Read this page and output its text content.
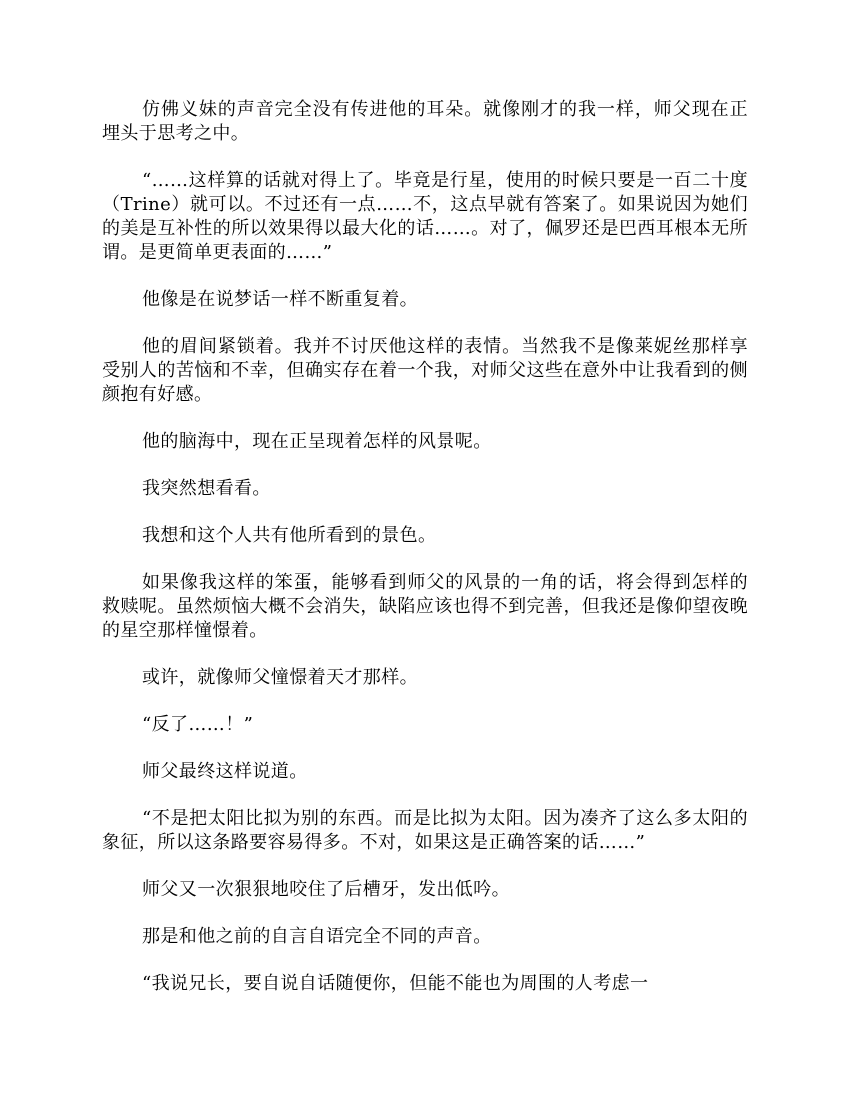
仿佛义妹的声音完全没有传进他的耳朵。就像刚才的我一样，师父现在正埋头于思考之中。

“……这样算的话就对得上了。毕竟是行星，使用的时候只要是一百二十度（Trine）就可以。不过还有一点……不，这点早就有答案了。如果说因为她们的美是互补性的所以效果得以最大化的话……。对了，佩罗还是巴西耳根本无所谓。是更简单更表面的……”

他像是在说梦话一样不断重复着。

他的眉间紧锁着。我并不讨厌他这样的表情。当然我不是像莱妮丝那样享受别人的苦恼和不幸，但确实存在着一个我，对师父这些在意外中让我看到的侧颜抱有好感。

他的脑海中，现在正呈现着怎样的风景呢。

我突然想看看。

我想和这个人共有他所看到的景色。

如果像我这样的笨蛋，能够看到师父的风景的一角的话，将会得到怎样的救赎呢。虽然烦恼大概不会消失，缺陷应该也得不到完善，但我还是像仰望夜晚的星空那样憧憬着。

或许，就像师父憧憬着天才那样。

“反了……！”

师父最终这样说道。

“不是把太阳比拟为别的东西。而是比拟为太阳。因为凑齐了这么多太阳的象征，所以这条路要容易得多。不对，如果这是正确答案的话……”

师父又一次狠狠地咬住了后槽牙，发出低吟。

那是和他之前的自言自语完全不同的声音。

“我说兄长，要自说自话随便你，但能不能也为周围的人考虑一
